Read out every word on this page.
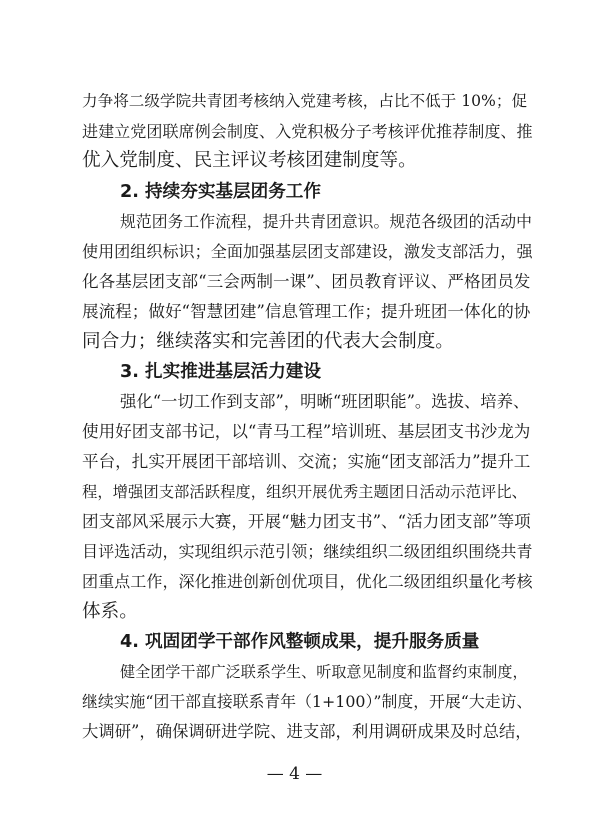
力争将二级学院共青团考核纳入党建考核，占比不低于 10%；促
进建立党团联席例会制度、入党积极分子考核评优推荐制度、推
优入党制度、民主评议考核团建制度等。
2. 持续夯实基层团务工作
规范团务工作流程，提升共青团意识。规范各级团的活动中
使用团组织标识；全面加强基层团支部建设，激发支部活力，强
化各基层团支部“三会两制一课”、团员教育评议、严格团员发
展流程；做好“智慧团建”信息管理工作；提升班团一体化的协
同合力；继续落实和完善团的代表大会制度。
3. 扎实推进基层活力建设
强化“一切工作到支部”，明晰“班团职能”。选拔、培养、
使用好团支部书记，以“青马工程”培训班、基层团支书沙龙为
平台，扎实开展团干部培训、交流；实施“团支部活力”提升工
程，增强团支部活跃程度，组织开展优秀主题团日活动示范评比、
团支部风采展示大赛，开展“魅力团支书”、“活力团支部”等项
目评选活动，实现组织示范引领；继续组织二级团组织围绕共青
团重点工作，深化推进创新创优项目，优化二级团组织量化考核
体系。
4. 巩固团学干部作风整顿成果，提升服务质量
健全团学干部广泛联系学生、听取意见制度和监督约束制度，
继续实施“团干部直接联系青年（1+100）”制度，开展“大走访、
大调研”，确保调研进学院、进支部，利用调研成果及时总结，
— 4 —
